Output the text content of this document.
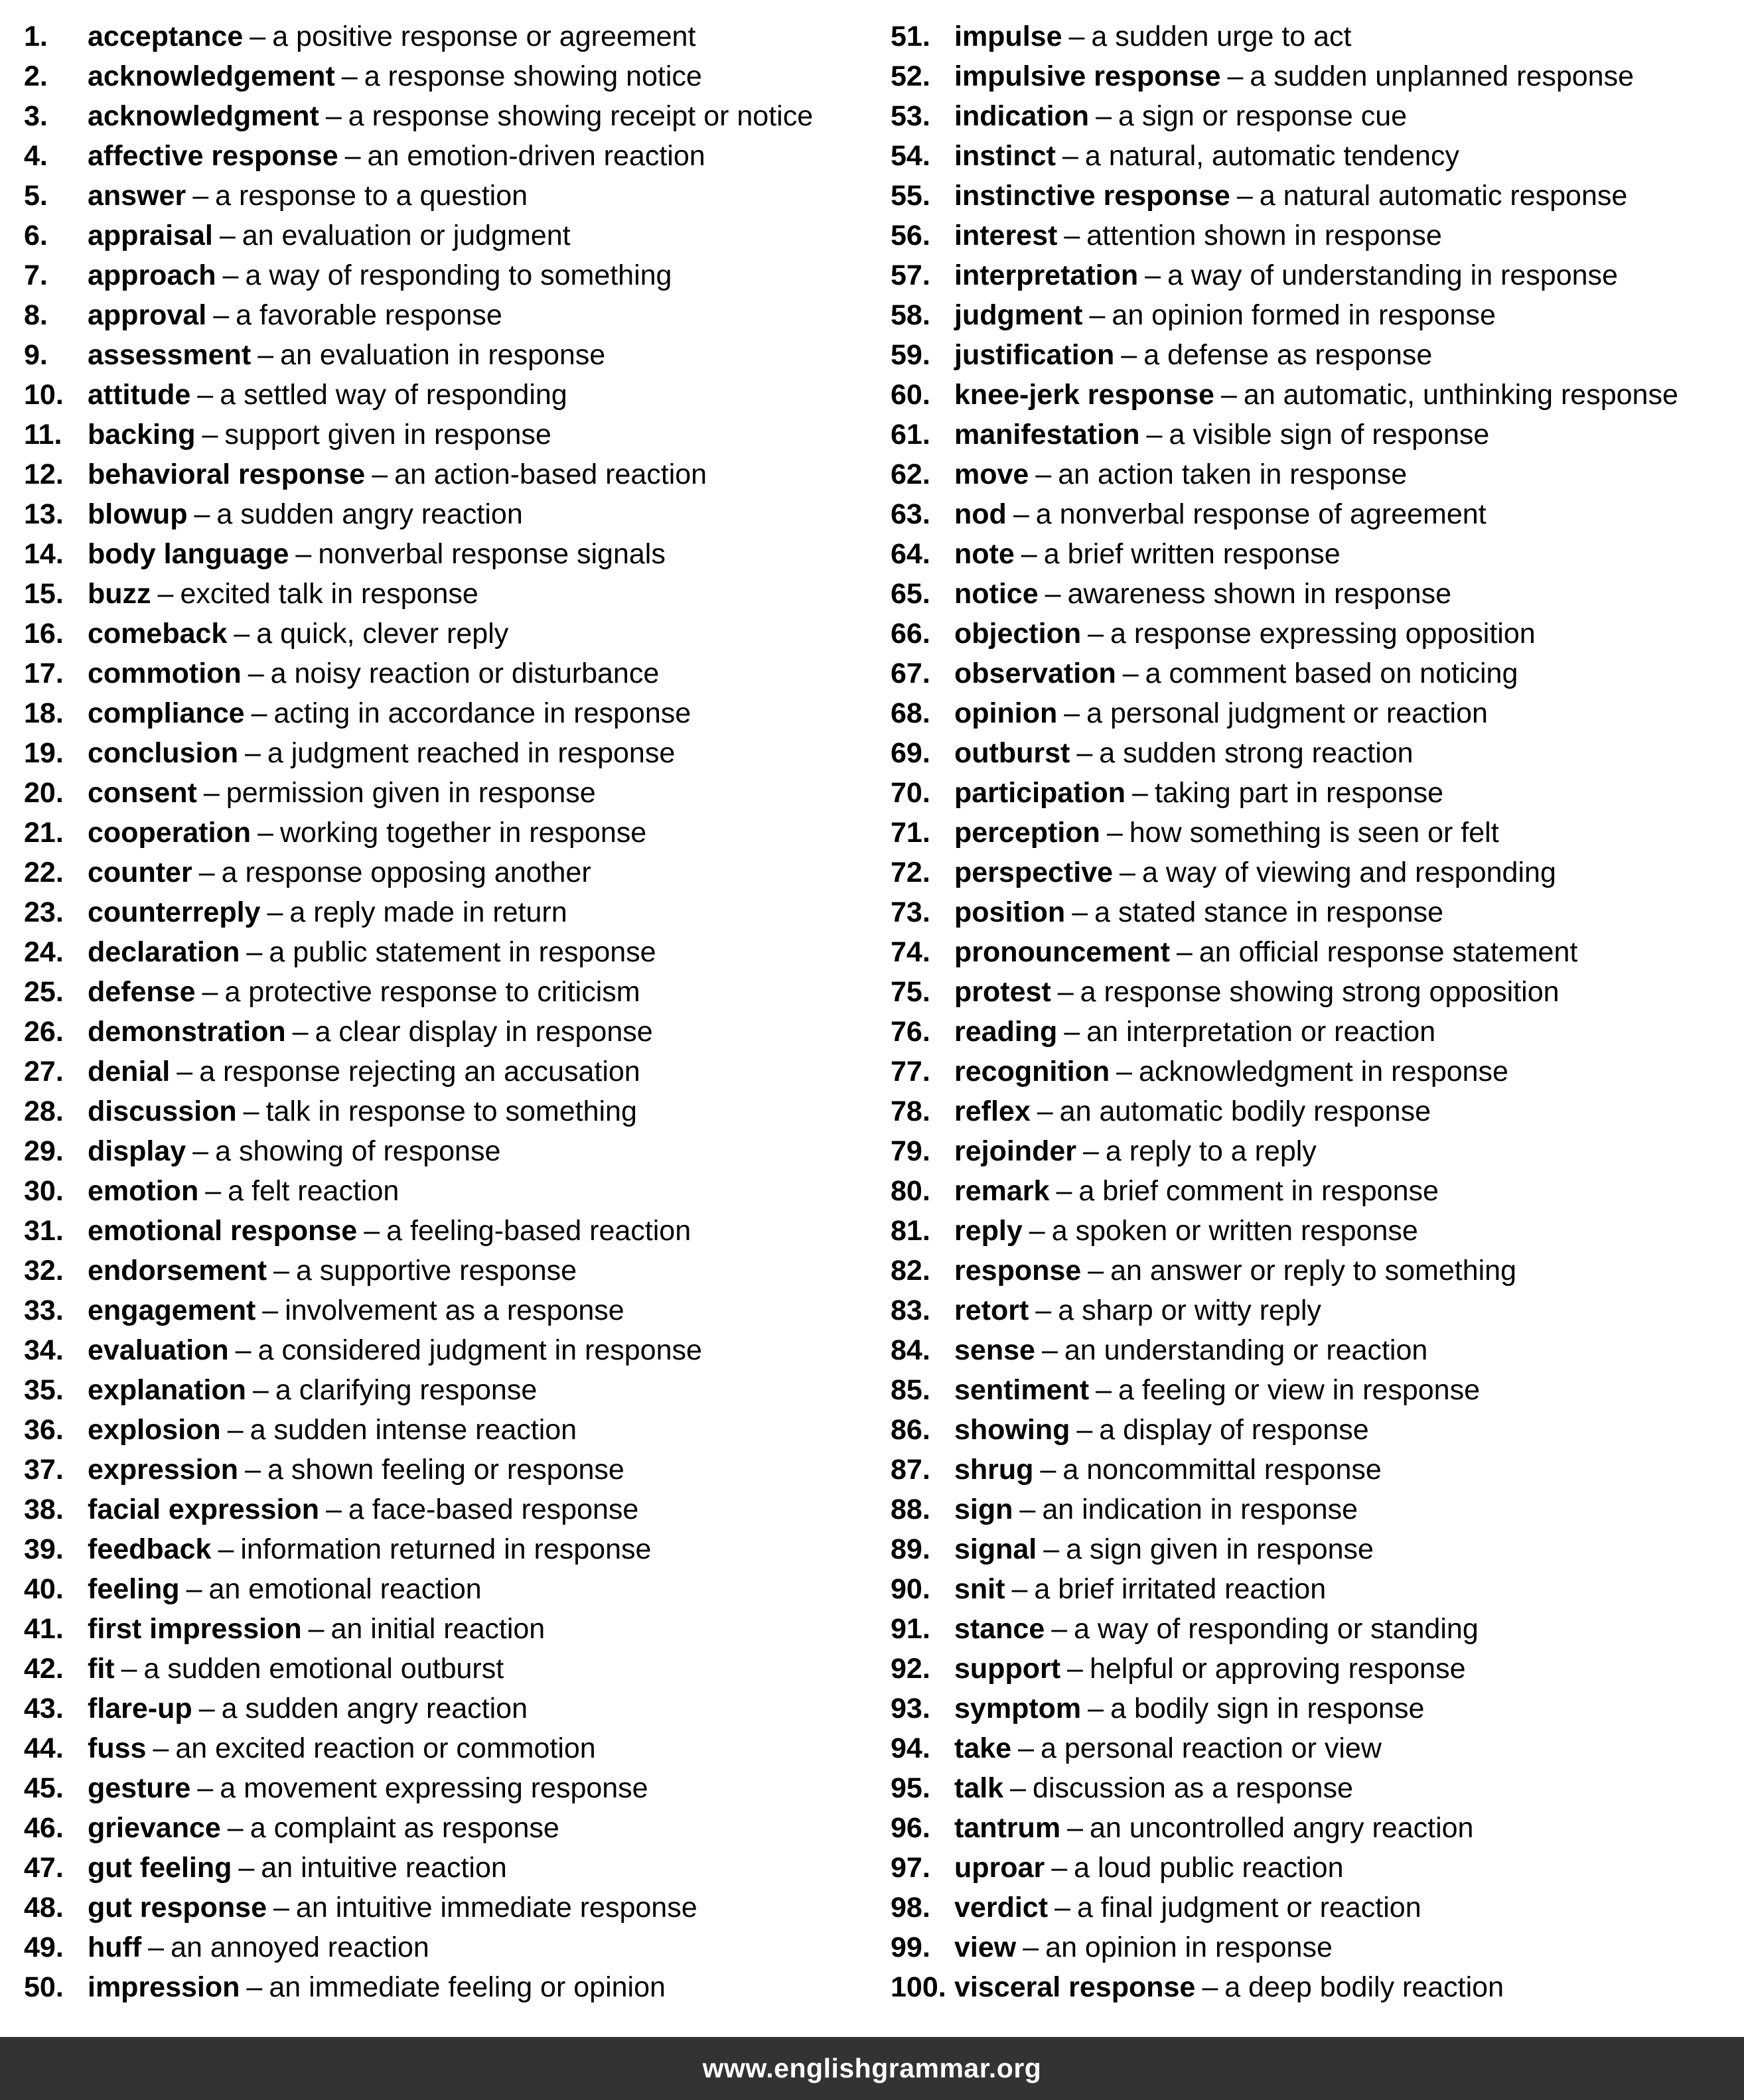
1.	acceptance – a positive response or agreement
2.	acknowledgement – a response showing notice
3.	acknowledgment – a response showing receipt or notice
4.	affective response – an emotion-driven reaction
5.	answer – a response to a question
6.	appraisal – an evaluation or judgment
7.	approach – a way of responding to something
8.	approval – a favorable response
9.	assessment – an evaluation in response
10. attitude – a settled way of responding
11. backing – support given in response
12. behavioral response – an action-based reaction
13. blowup – a sudden angry reaction
14. body language – nonverbal response signals
15. buzz – excited talk in response
16. comeback – a quick, clever reply
17. commotion – a noisy reaction or disturbance
18. compliance – acting in accordance in response
19. conclusion – a judgment reached in response
20. consent – permission given in response
21. cooperation – working together in response
22. counter – a response opposing another
23. counterreply – a reply made in return
24. declaration – a public statement in response
25. defense – a protective response to criticism
26. demonstration – a clear display in response
27. denial – a response rejecting an accusation
28. discussion – talk in response to something
29. display – a showing of response
30. emotion – a felt reaction
31. emotional response – a feeling-based reaction
32. endorsement – a supportive response
33. engagement – involvement as a response
34. evaluation – a considered judgment in response
35. explanation – a clarifying response
36. explosion – a sudden intense reaction
37. expression – a shown feeling or response
38. facial expression – a face-based response
39. feedback – information returned in response
40. feeling – an emotional reaction
41. first impression – an initial reaction
42. fit – a sudden emotional outburst
43. flare-up – a sudden angry reaction
44. fuss – an excited reaction or commotion
45. gesture – a movement expressing response
46. grievance – a complaint as response
47. gut feeling – an intuitive reaction
48. gut response – an intuitive immediate response
49. huff – an annoyed reaction
50. impression – an immediate feeling or opinion
51. impulse – a sudden urge to act
52. impulsive response – a sudden unplanned response
53. indication – a sign or response cue
54. instinct – a natural, automatic tendency
55. instinctive response – a natural automatic response
56. interest – attention shown in response
57. interpretation – a way of understanding in response
58. judgment – an opinion formed in response
59. justification – a defense as response
60. knee-jerk response – an automatic, unthinking response
61. manifestation – a visible sign of response
62. move – an action taken in response
63. nod – a nonverbal response of agreement
64. note – a brief written response
65. notice – awareness shown in response
66. objection – a response expressing opposition
67. observation – a comment based on noticing
68. opinion – a personal judgment or reaction
69. outburst – a sudden strong reaction
70. participation – taking part in response
71. perception – how something is seen or felt
72. perspective – a way of viewing and responding
73. position – a stated stance in response
74. pronouncement – an official response statement
75. protest – a response showing strong opposition
76. reading – an interpretation or reaction
77. recognition – acknowledgment in response
78. reflex – an automatic bodily response
79. rejoinder – a reply to a reply
80. remark – a brief comment in response
81. reply – a spoken or written response
82. response – an answer or reply to something
83. retort – a sharp or witty reply
84. sense – an understanding or reaction
85. sentiment – a feeling or view in response
86. showing – a display of response
87. shrug – a noncommittal response
88. sign – an indication in response
89. signal – a sign given in response
90. snit – a brief irritated reaction
91. stance – a way of responding or standing
92. support – helpful or approving response
93. symptom – a bodily sign in response
94. take – a personal reaction or view
95. talk – discussion as a response
96. tantrum – an uncontrolled angry reaction
97. uproar – a loud public reaction
98. verdict – a final judgment or reaction
99. view – an opinion in response
100. visceral response – a deep bodily reaction
www.englishgrammar.org
